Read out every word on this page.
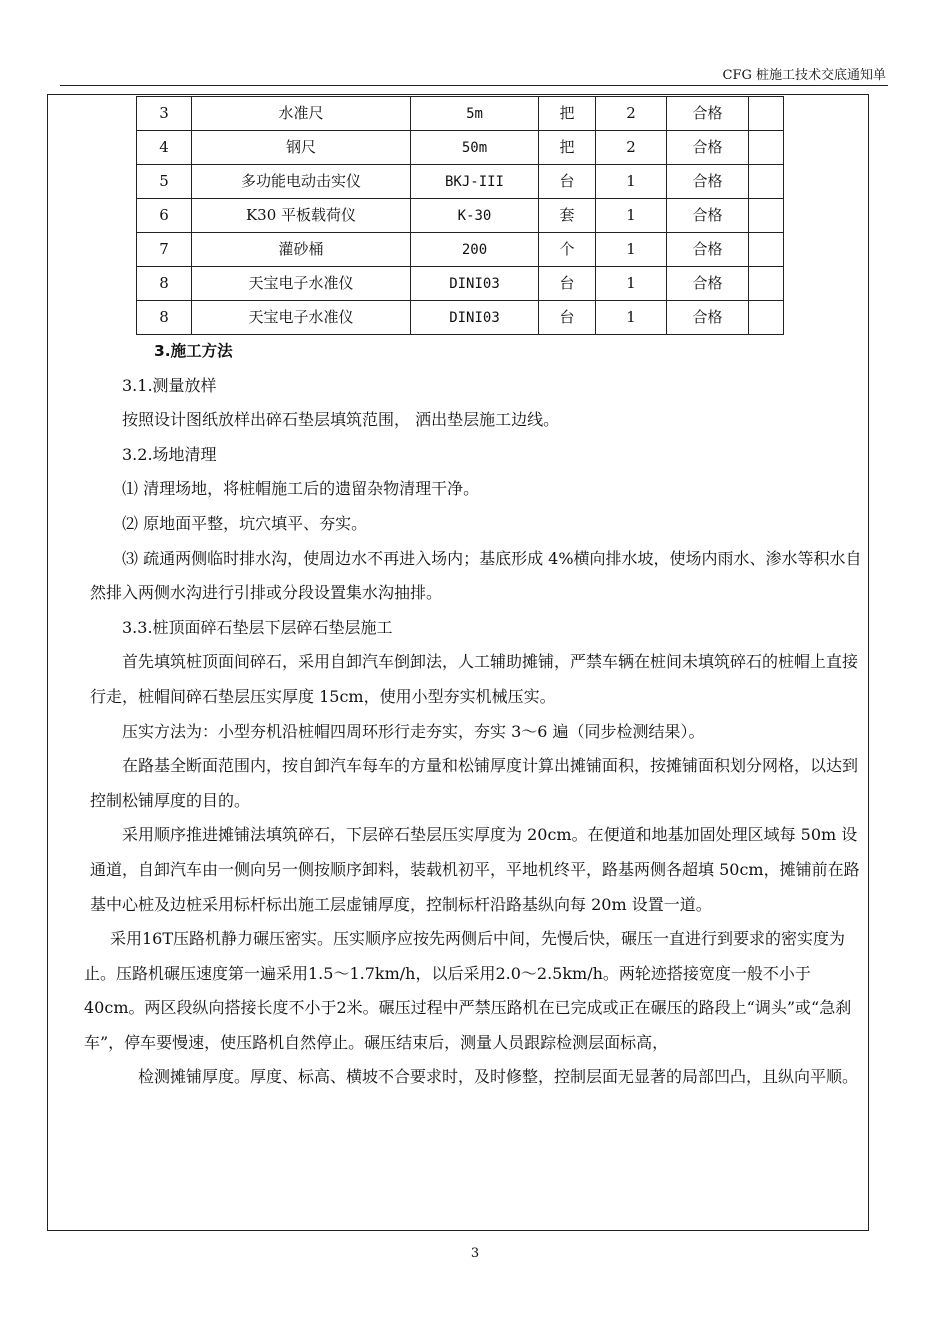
CFG 桩施工技术交底通知单
3	水准尺	5m	把	2	合格	
4	钢尺	50m	把	2	合格	
5	多功能电动击实仪	BKJ-III	台	1	合格	
6	K30 平板载荷仪	K-30	套	1	合格	
7	灌砂桶	200	个	1	合格	
8	天宝电子水准仪	DINI03	台	1	合格	
8	天宝电子水准仪	DINI03	台	1	合格	

3.施工方法

3.1.测量放样

按照设计图纸放样出碎石垫层填筑范围， 洒出垫层施工边线。

3.2.场地清理

⑴ 清理场地，将桩帽施工后的遗留杂物清理干净。

⑵ 原地面平整，坑穴填平、夯实。

⑶ 疏通两侧临时排水沟，使周边水不再进入场内；基底形成 4%横向排水坡，使场内雨水、渗水等积水自然排入两侧水沟进行引排或分段设置集水沟抽排。

3.3.桩顶面碎石垫层下层碎石垫层施工

首先填筑桩顶面间碎石，采用自卸汽车倒卸法，人工辅助摊铺，严禁车辆在桩间未填筑碎石的桩帽上直接行走，桩帽间碎石垫层压实厚度 15cm，使用小型夯实机械压实。

压实方法为：小型夯机沿桩帽四周环形行走夯实，夯实 3～6 遍（同步检测结果）。

在路基全断面范围内，按自卸汽车每车的方量和松铺厚度计算出摊铺面积，按摊铺面积划分网格，以达到控制松铺厚度的目的。

采用顺序推进摊铺法填筑碎石，下层碎石垫层压实厚度为 20cm。在便道和地基加固处理区域每 50m 设通道，自卸汽车由一侧向另一侧按顺序卸料，装载机初平，平地机终平，路基两侧各超填 50cm，摊铺前在路基中心桩及边桩采用标杆标出施工层虚铺厚度，控制标杆沿路基纵向每 20m 设置一道。

采用16T压路机静力碾压密实。压实顺序应按先两侧后中间，先慢后快，碾压一直进行到要求的密实度为止。压路机碾压速度第一遍采用1.5～1.7km/h，以后采用2.0～2.5km/h。两轮迹搭接宽度一般不小于40cm。两区段纵向搭接长度不小于2米。碾压过程中严禁压路机在已完成或正在碾压的路段上“调头”或“急刹车”，停车要慢速，使压路机自然停止。碾压结束后，测量人员跟踪检测层面标高，

检测摊铺厚度。厚度、标高、横坡不合要求时，及时修整，控制层面无显著的局部凹凸，且纵向平顺。

3
